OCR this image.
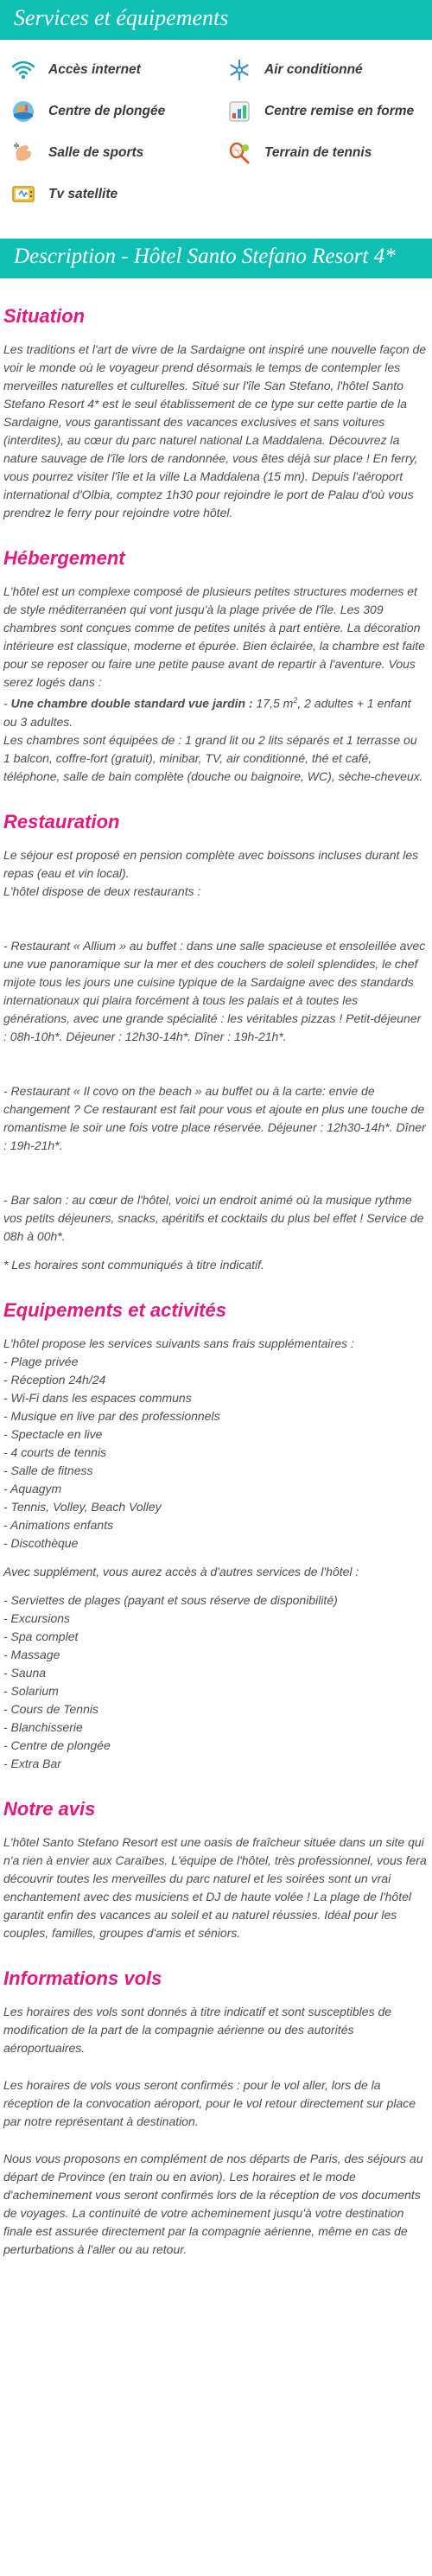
Services et équipements
Accès internet	Air conditionné
Centre de plongée	Centre remise en forme
Salle de sports	Terrain de tennis
Tv satellite
Description - Hôtel Santo Stefano Resort 4*
Situation

Les traditions et l'art de vivre de la Sardaigne ont inspiré une nouvelle façon de voir le monde où le voyageur prend désormais le temps de contempler les merveilles naturelles et culturelles. Situé sur l'île San Stefano, l'hôtel Santo Stefano Resort 4* est le seul établissement de ce type sur cette partie de la Sardaigne, vous garantissant des vacances exclusives et sans voitures (interdites), au cœur du parc naturel national La Maddalena. Découvrez la nature sauvage de l'île lors de randonnée, vous êtes déjà sur place ! En ferry, vous pourrez visiter l'île et la ville La Maddalena (15 mn). Depuis l'aéroport international d'Olbia, comptez 1h30 pour rejoindre le port de Palau d'où vous prendrez le ferry pour rejoindre votre hôtel.

Hébergement

L'hôtel est un complexe composé de plusieurs petites structures modernes et de style méditerranéen qui vont jusqu'à la plage privée de l'île. Les 309 chambres sont conçues comme de petites unités à part entière. La décoration intérieure est classique, moderne et épurée. Bien éclairée, la chambre est faite pour se reposer ou faire une petite pause avant de repartir à l'aventure. Vous serez logés dans :

- Une chambre double standard vue jardin : 17,5 $m^2$, 2 adultes + 1 enfant ou 3 adultes.

Les chambres sont équipées de : 1 grand lit ou 2 lits séparés et 1 terrasse ou 1 balcon, coffre-fort (gratuit), minibar, TV, air conditionné, thé et café, téléphone, salle de bain complète (douche ou baignoire, WC), sèche-cheveux.

Restauration

Le séjour est proposé en pension complète avec boissons incluses durant les repas (eau et vin local).

L'hôtel dispose de deux restaurants :

- Restaurant « Allium » au buffet : dans une salle spacieuse et ensoleillée avec une vue panoramique sur la mer et des couchers de soleil splendides, le chef mijote tous les jours une cuisine typique de la Sardaigne avec des standards internationaux qui plaira forcément à tous les palais et à toutes les générations, avec une grande spécialité : les véritables pizzas ! Petit-déjeuner : 08h-10h*. Déjeuner : 12h30-14h*. Dîner : 19h-21h*.

- Restaurant « Il covo on the beach » au buffet ou à la carte: envie de changement ? Ce restaurant est fait pour vous et ajoute en plus une touche de romantisme le soir une fois votre place réservée. Déjeuner : 12h30-14h*. Dîner : 19h-21h*.

- Bar salon : au cœur de l'hôtel, voici un endroit animé où la musique rythme vos petits déjeuners, snacks, apéritifs et cocktails du plus bel effet ! Service de 08h à 00h*.

* Les horaires sont communiqués à titre indicatif.

Equipements et activités

L'hôtel propose les services suivants sans frais supplémentaires :

- Plage privée

- Réception 24h/24

- Wi-Fi dans les espaces communs

- Musique en live par des professionnels

- Spectacle en live

- 4 courts de tennis

- Salle de fitness

- Aquagym

- Tennis, Volley, Beach Volley

- Animations enfants

- Discothèque

Avec supplément, vous aurez accès à d'autres services de l'hôtel :

- Serviettes de plages (payant et sous réserve de disponibilité)

- Excursions

- Spa complet

- Massage

- Sauna

- Solarium

- Cours de Tennis

- Blanchisserie

- Centre de plongée

- Extra Bar

Notre avis

L'hôtel Santo Stefano Resort est une oasis de fraîcheur située dans un site qui n'a rien à envier aux Caraïbes. L'équipe de l'hôtel, très professionnel, vous fera découvrir toutes les merveilles du parc naturel et les soirées sont un vrai enchantement avec des musiciens et DJ de haute volée ! La plage de l'hôtel garantit enfin des vacances au soleil et au naturel réussies. Idéal pour les couples, familles, groupes d'amis et séniors.

Informations vols

Les horaires des vols sont donnés à titre indicatif et sont susceptibles de modification de la part de la compagnie aérienne ou des autorités aéroportuaires.

Les horaires de vols vous seront confirmés : pour le vol aller, lors de la réception de la convocation aéroport, pour le vol retour directement sur place par notre représentant à destination.

Nous vous proposons en complément de nos départs de Paris, des séjours au départ de Province (en train ou en avion). Les horaires et le mode d'acheminement vous seront confirmés lors de la réception de vos documents de voyages. La continuité de votre acheminement jusqu'à votre destination finale est assurée directement par la compagnie aérienne, même en cas de perturbations à l'aller ou au retour.
